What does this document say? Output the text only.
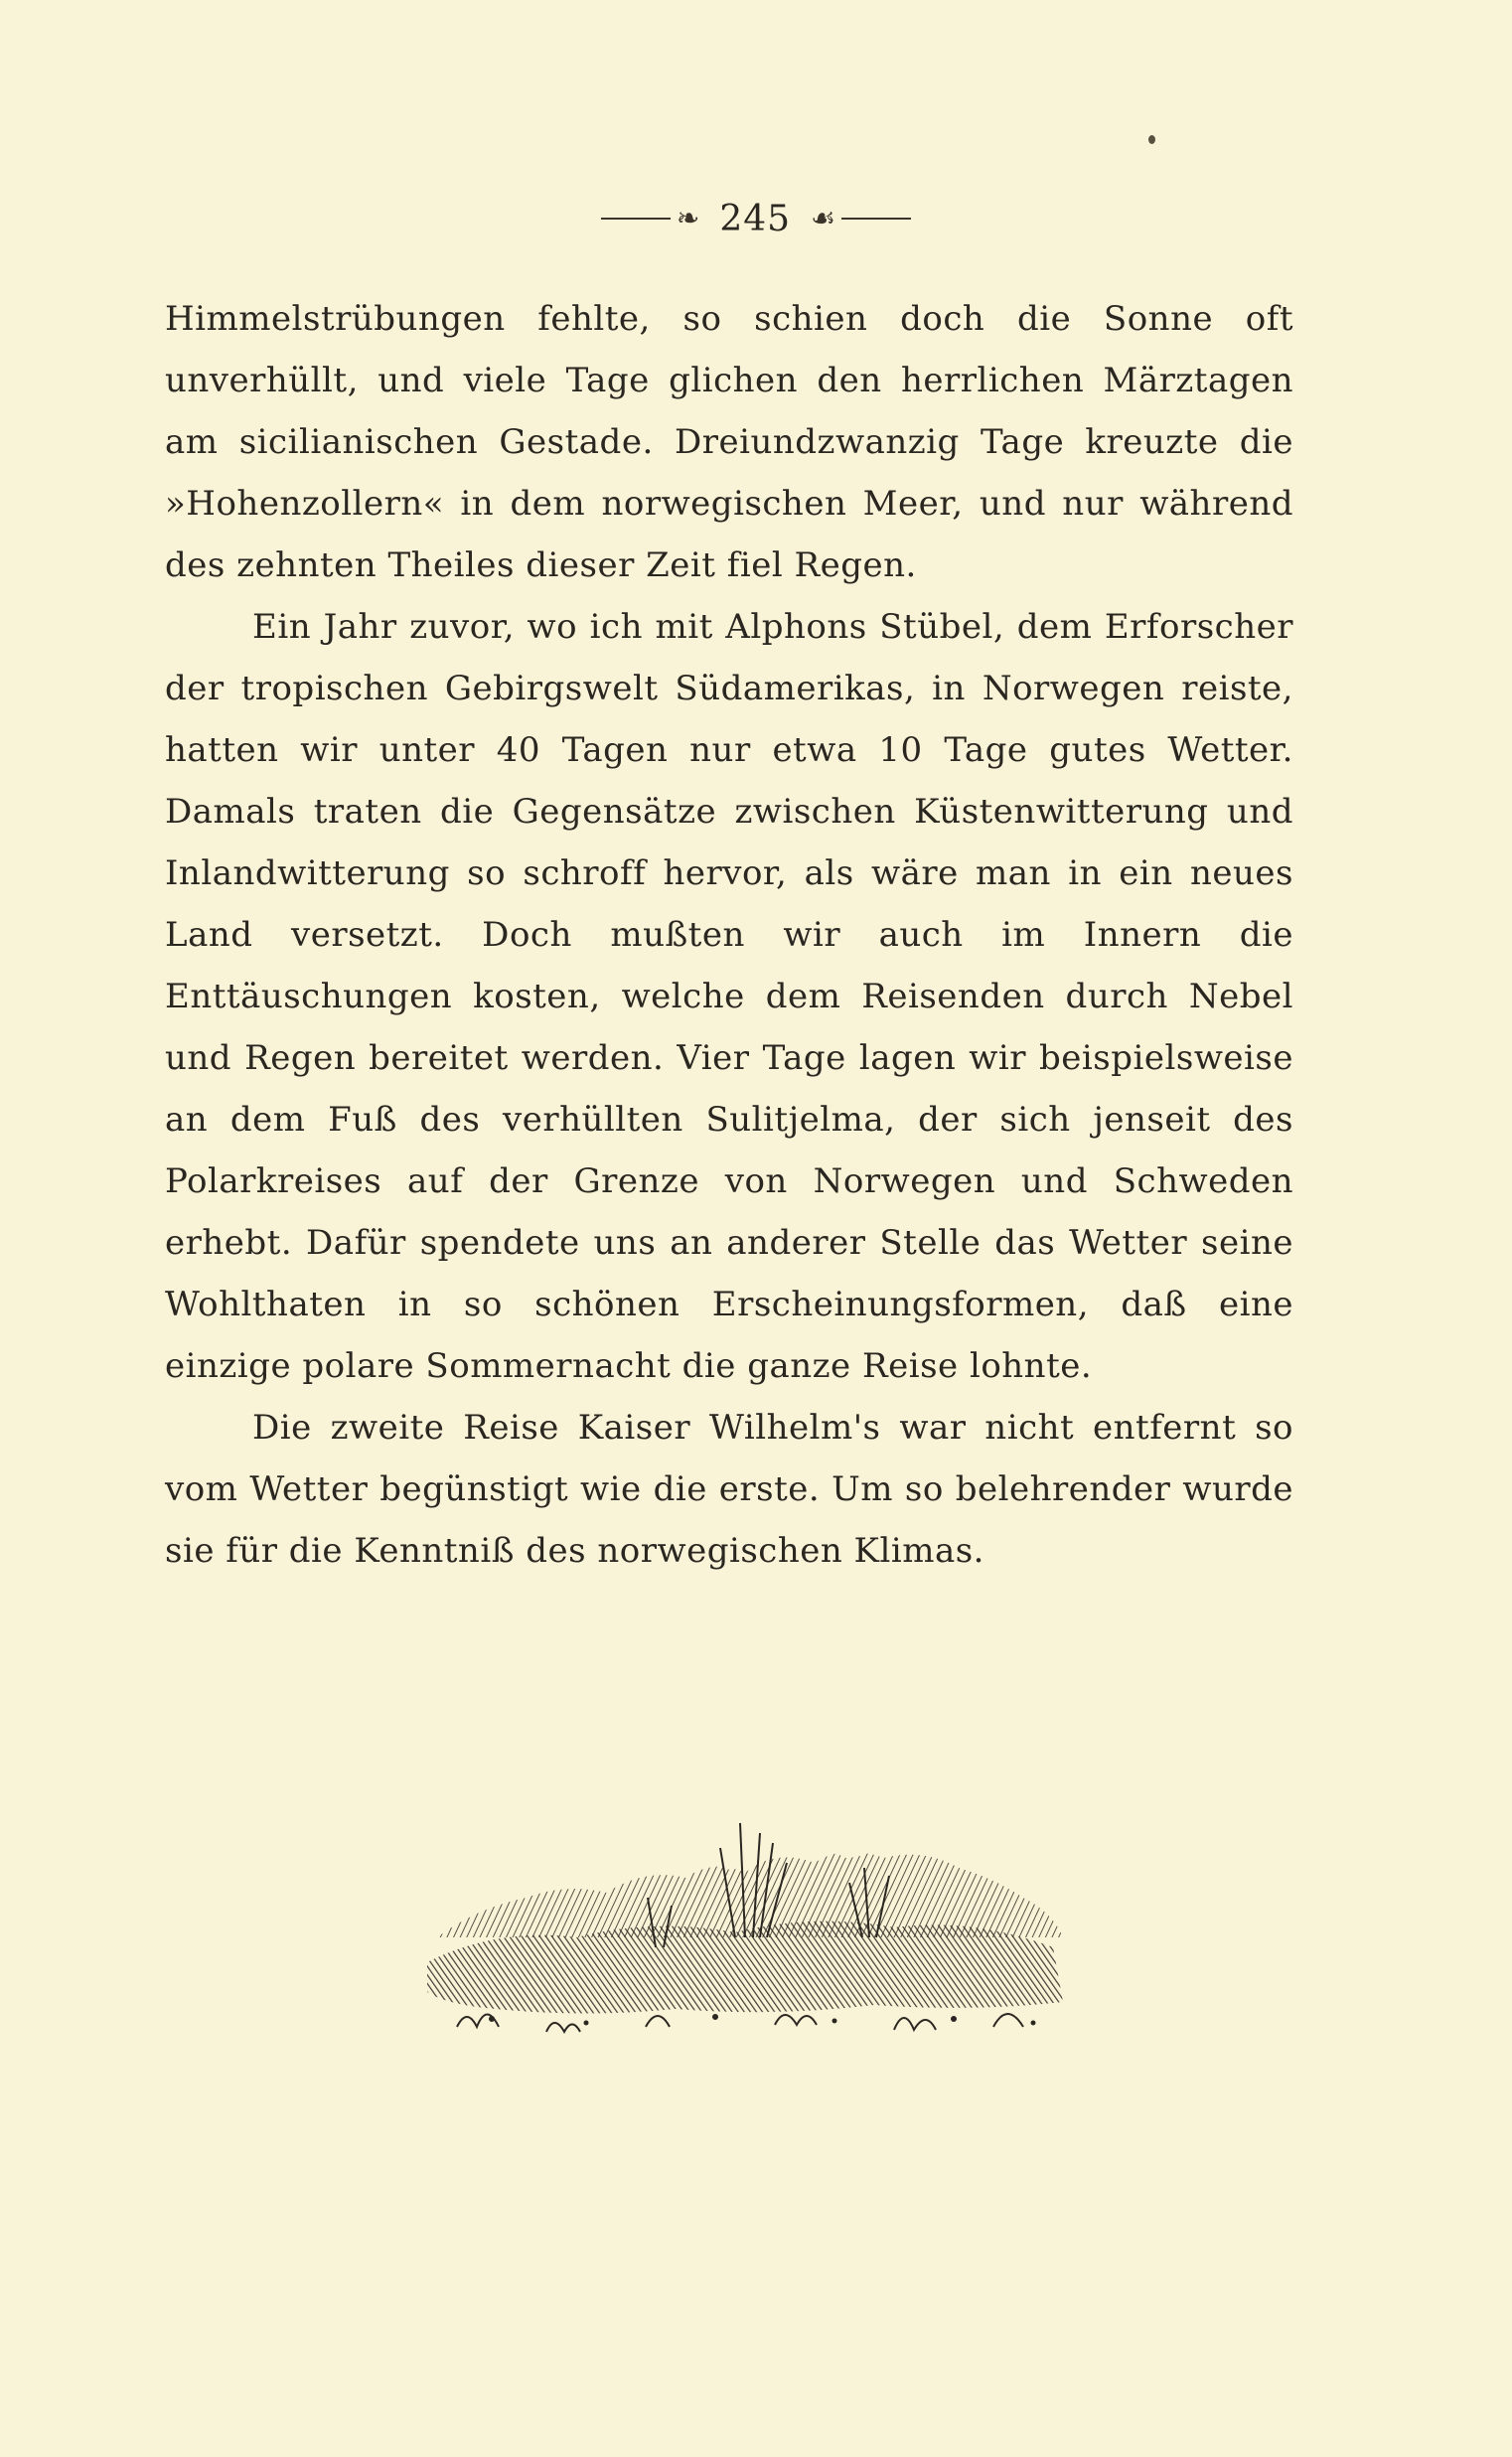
❧ 245 ☙

Himmelstrübungen fehlte, so schien doch die Sonne oft unverhüllt, und viele Tage glichen den herrlichen Märztagen am sicilianischen Gestade. Dreiundzwanzig Tage kreuzte die »Hohenzollern« in dem norwegischen Meer, und nur während des zehnten Theiles dieser Zeit fiel Regen.

Ein Jahr zuvor, wo ich mit Alphons Stübel, dem Erforscher der tropischen Gebirgswelt Südamerikas, in Norwegen reiste, hatten wir unter 40 Tagen nur etwa 10 Tage gutes Wetter. Damals traten die Gegensätze zwischen Küstenwitterung und Inlandwitterung so schroff hervor, als wäre man in ein neues Land versetzt. Doch mußten wir auch im Innern die Enttäuschungen kosten, welche dem Reisenden durch Nebel und Regen bereitet werden. Vier Tage lagen wir beispielsweise an dem Fuß des verhüllten Sulitjelma, der sich jenseit des Polarkreises auf der Grenze von Norwegen und Schweden erhebt. Dafür spendete uns an anderer Stelle das Wetter seine Wohlthaten in so schönen Erscheinungsformen, daß eine einzige polare Sommernacht die ganze Reise lohnte.

Die zweite Reise Kaiser Wilhelm's war nicht entfernt so vom Wetter begünstigt wie die erste. Um so belehrender wurde sie für die Kenntniß des norwegischen Klimas.
